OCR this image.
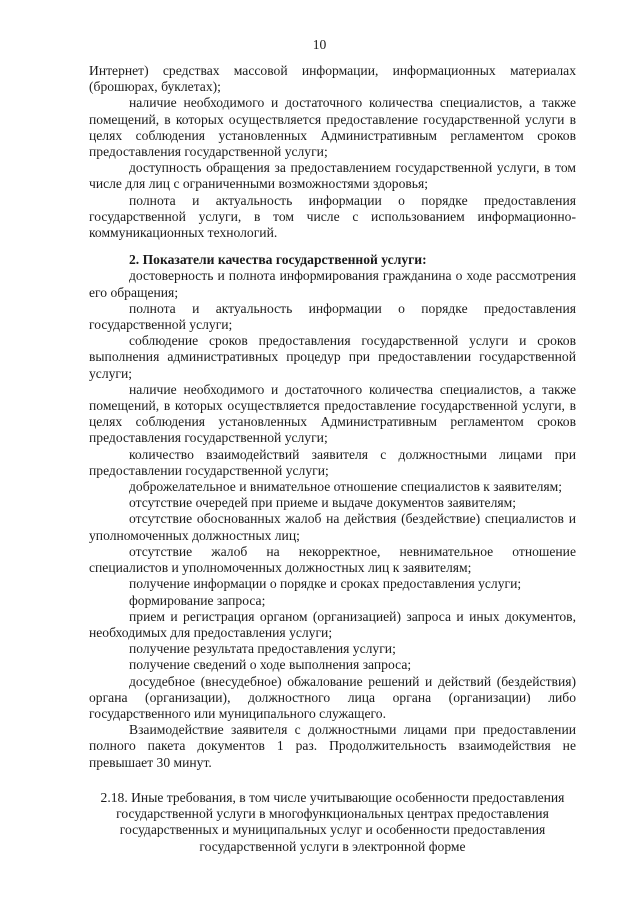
10

Интернет) средствах массовой информации, информационных материалах (брошюрах, буклетах);

наличие необходимого и достаточного количества специалистов, а также помещений, в которых осуществляется предоставление государственной услуги в целях соблюдения установленных Административным регламентом сроков предоставления государственной услуги;

доступность обращения за предоставлением государственной услуги, в том числе для лиц с ограниченными возможностями здоровья;

полнота и актуальность информации о порядке предоставления государственной услуги, в том числе с использованием информационно-коммуникационных технологий.

2. Показатели качества государственной услуги:

достоверность и полнота информирования гражданина о ходе рассмотрения его обращения;

полнота и актуальность информации о порядке предоставления государственной услуги;

соблюдение сроков предоставления государственной услуги и сроков выполнения административных процедур при предоставлении государственной услуги;

наличие необходимого и достаточного количества специалистов, а также помещений, в которых осуществляется предоставление государственной услуги, в целях соблюдения установленных Административным регламентом сроков предоставления государственной услуги;

количество взаимодействий заявителя с должностными лицами при предоставлении государственной услуги;

доброжелательное и внимательное отношение специалистов к заявителям;

отсутствие очередей при приеме и выдаче документов заявителям;

отсутствие обоснованных жалоб на действия (бездействие) специалистов и уполномоченных должностных лиц;

отсутствие жалоб на некорректное, невнимательное отношение специалистов и уполномоченных должностных лиц к заявителям;

получение информации о порядке и сроках предоставления услуги;

формирование запроса;

прием и регистрация органом (организацией) запроса и иных документов, необходимых для предоставления услуги;

получение результата предоставления услуги;

получение сведений о ходе выполнения запроса;

досудебное (внесудебное) обжалование решений и действий (бездействия) органа (организации), должностного лица органа (организации) либо государственного или муниципального служащего.

Взаимодействие заявителя с должностными лицами при предоставлении полного пакета документов 1 раз. Продолжительность взаимодействия не превышает 30 минут.

2.18. Иные требования, в том числе учитывающие особенности предоставления
государственной услуги в многофункциональных центрах предоставления
государственных и муниципальных услуг и особенности предоставления
государственной услуги в электронной форме
